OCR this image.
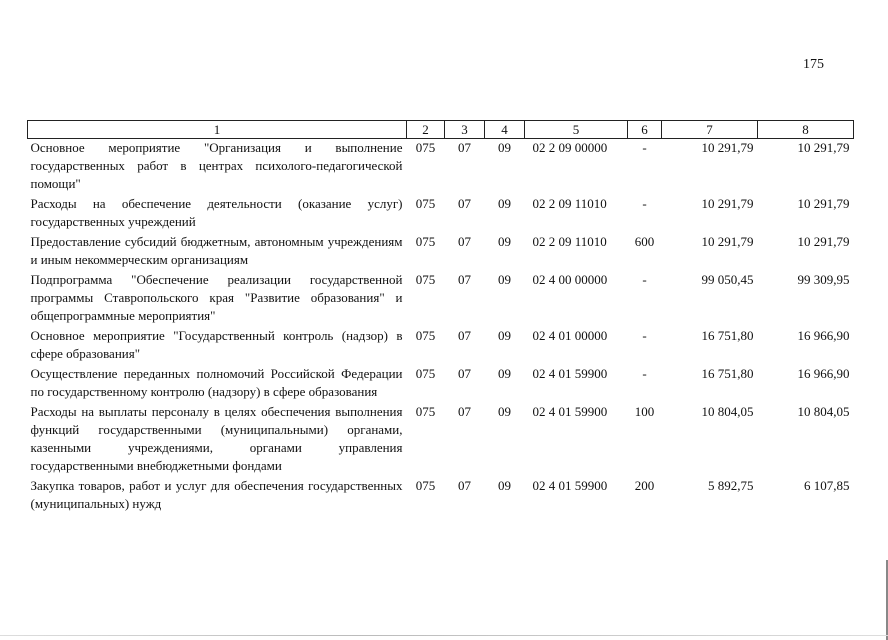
175
1	2	3	4	5	6	7	8
Основное мероприятие "Организация и выполнение государственных работ в центрах психолого-педагогической помощи"	075	07	09	02 2 09 00000	-	10 291,79	10 291,79
Расходы на обеспечение деятельности (оказание услуг) государственных учреждений	075	07	09	02 2 09 11010	-	10 291,79	10 291,79
Предоставление субсидий бюджетным, автономным учреждениям и иным некоммерческим организациям	075	07	09	02 2 09 11010	600	10 291,79	10 291,79
Подпрограмма "Обеспечение реализации государственной программы Ставропольского края "Развитие образования" и общепрограммные мероприятия"	075	07	09	02 4 00 00000	-	99 050,45	99 309,95
Основное мероприятие "Государственный контроль (надзор) в сфере образования"	075	07	09	02 4 01 00000	-	16 751,80	16 966,90
Осуществление переданных полномочий Российской Федерации по государственному контролю (надзору) в сфере образования	075	07	09	02 4 01 59900	-	16 751,80	16 966,90
Расходы на выплаты персоналу в целях обеспечения выполнения функций государственными (муниципальными) органами, казенными учреждениями, органами управления государственными внебюджетными фондами	075	07	09	02 4 01 59900	100	10 804,05	10 804,05
Закупка товаров, работ и услуг для обеспечения государственных (муниципальных) нужд	075	07	09	02 4 01 59900	200	5 892,75	6 107,85
